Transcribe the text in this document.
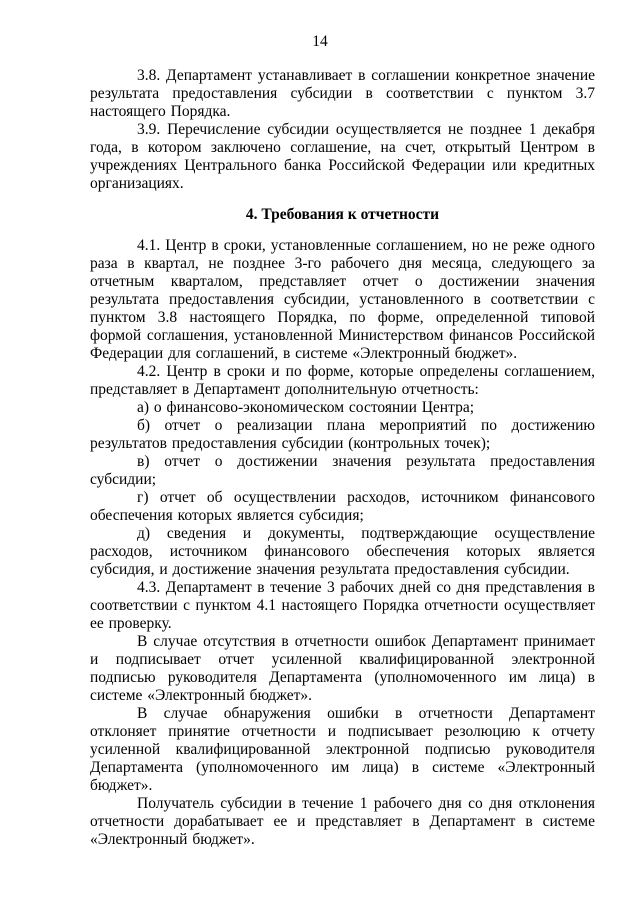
14

3.8. Департамент устанавливает в соглашении конкретное значение результата предоставления субсидии в соответствии с пунктом 3.7 настоящего Порядка.

3.9. Перечисление субсидии осуществляется не позднее 1 декабря года, в котором заключено соглашение, на счет, открытый Центром в учреждениях Центрального банка Российской Федерации или кредитных организациях.

4. Требования к отчетности

4.1. Центр в сроки, установленные соглашением, но не реже одного раза в квартал, не позднее 3-го рабочего дня месяца, следующего за отчетным кварталом, представляет отчет о достижении значения результата предоставления субсидии, установленного в соответствии с пунктом 3.8 настоящего Порядка, по форме, определенной типовой формой соглашения, установленной Министерством финансов Российской Федерации для соглашений, в системе «Электронный бюджет».

4.2. Центр в сроки и по форме, которые определены соглашением, представляет в Департамент дополнительную отчетность:

а) о финансово-экономическом состоянии Центра;

б) отчет о реализации плана мероприятий по достижению результатов предоставления субсидии (контрольных точек);

в) отчет о достижении значения результата предоставления субсидии;

г) отчет об осуществлении расходов, источником финансового обеспечения которых является субсидия;

д) сведения и документы, подтверждающие осуществление расходов, источником финансового обеспечения которых является субсидия, и достижение значения результата предоставления субсидии.

4.3. Департамент в течение 3 рабочих дней со дня представления в соответствии с пунктом 4.1 настоящего Порядка отчетности осуществляет ее проверку.

В случае отсутствия в отчетности ошибок Департамент принимает и подписывает отчет усиленной квалифицированной электронной подписью руководителя Департамента (уполномоченного им лица) в системе «Электронный бюджет».

В случае обнаружения ошибки в отчетности Департамент отклоняет принятие отчетности и подписывает резолюцию к отчету усиленной квалифицированной электронной подписью руководителя Департамента (уполномоченного им лица) в системе «Электронный бюджет».

Получатель субсидии в течение 1 рабочего дня со дня отклонения отчетности дорабатывает ее и представляет в Департамент в системе «Электронный бюджет».
